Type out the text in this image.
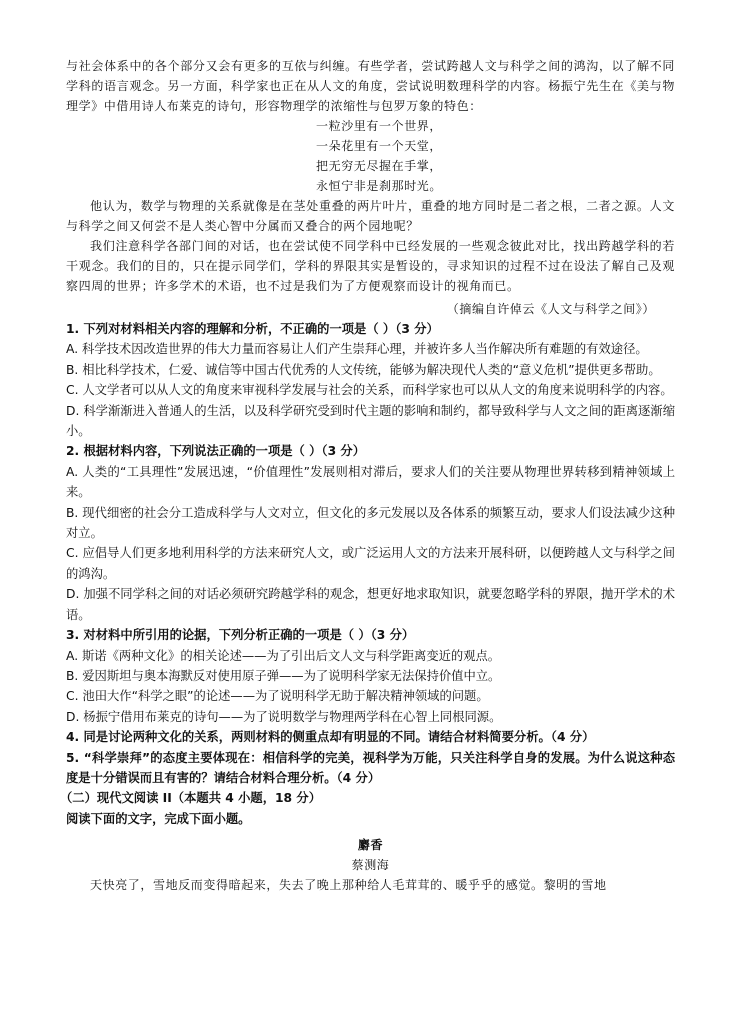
与社会体系中的各个部分又会有更多的互依与纠缠。有些学者，尝试跨越人文与科学之间的鸿沟，以了解不同学科的语言观念。另一方面，科学家也正在从人文的角度，尝试说明数理科学的内容。杨振宁先生在《美与物理学》中借用诗人布莱克的诗句，形容物理学的浓缩性与包罗万象的特色：

一粒沙里有一个世界，

一朵花里有一个天堂，

把无穷无尽握在手掌，

永恒宁非是刹那时光。

他认为，数学与物理的关系就像是在茎处重叠的两片叶片，重叠的地方同时是二者之根，二者之源。人文与科学之间又何尝不是人类心智中分属而又叠合的两个园地呢？

我们注意科学各部门间的对话，也在尝试使不同学科中已经发展的一些观念彼此对比，找出跨越学科的若干观念。我们的目的，只在提示同学们，学科的界限其实是暂设的，寻求知识的过程不过在设法了解自己及观察四周的世界；许多学术的术语，也不过是我们为了方便观察而设计的视角而已。

（摘编自许倬云《人文与科学之间》）

1. 下列对材料相关内容的理解和分析，不正确的一项是（ ）（3 分）

A. 科学技术因改造世界的伟大力量而容易让人们产生崇拜心理，并被许多人当作解决所有难题的有效途径。

B. 相比科学技术，仁爱、诚信等中国古代优秀的人文传统，能够为解决现代人类的“意义危机”提供更多帮助。

C. 人文学者可以从人文的角度来审视科学发展与社会的关系，而科学家也可以从人文的角度来说明科学的内容。

D. 科学渐渐进入普通人的生活，以及科学研究受到时代主题的影响和制约，都导致科学与人文之间的距离逐渐缩小。

2. 根据材料内容，下列说法正确的一项是（ ）（3 分）

A. 人类的“工具理性”发展迅速，“价值理性”发展则相对滞后，要求人们的关注要从物理世界转移到精神领域上来。

B. 现代细密的社会分工造成科学与人文对立，但文化的多元发展以及各体系的频繁互动，要求人们设法减少这种对立。

C. 应倡导人们更多地利用科学的方法来研究人文，或广泛运用人文的方法来开展科研，以便跨越人文与科学之间的鸿沟。

D. 加强不同学科之间的对话必须研究跨越学科的观念，想更好地求取知识，就要忽略学科的界限，抛开学术的术语。

3. 对材料中所引用的论据，下列分析正确的一项是（ ）（3 分）

A. 斯诺《两种文化》的相关论述——为了引出后文人文与科学距离变近的观点。

B. 爱因斯坦与奥本海默反对使用原子弹——为了说明科学家无法保持价值中立。

C. 池田大作“科学之眼”的论述——为了说明科学无助于解决精神领域的问题。

D. 杨振宁借用布莱克的诗句——为了说明数学与物理两学科在心智上同根同源。

4. 同是讨论两种文化的关系，两则材料的侧重点却有明显的不同。请结合材料简要分析。（4 分）

5. “科学崇拜”的态度主要体现在：相信科学的完美，视科学为万能，只关注科学自身的发展。为什么说这种态度是十分错误而且有害的？请结合材料合理分析。（4 分）

（二）现代文阅读 II（本题共 4 小题，18 分）

阅读下面的文字，完成下面小题。

麝香

蔡测海

天快亮了，雪地反而变得暗起来，失去了晚上那种给人毛茸茸的、暖乎乎的感觉。黎明的雪地
